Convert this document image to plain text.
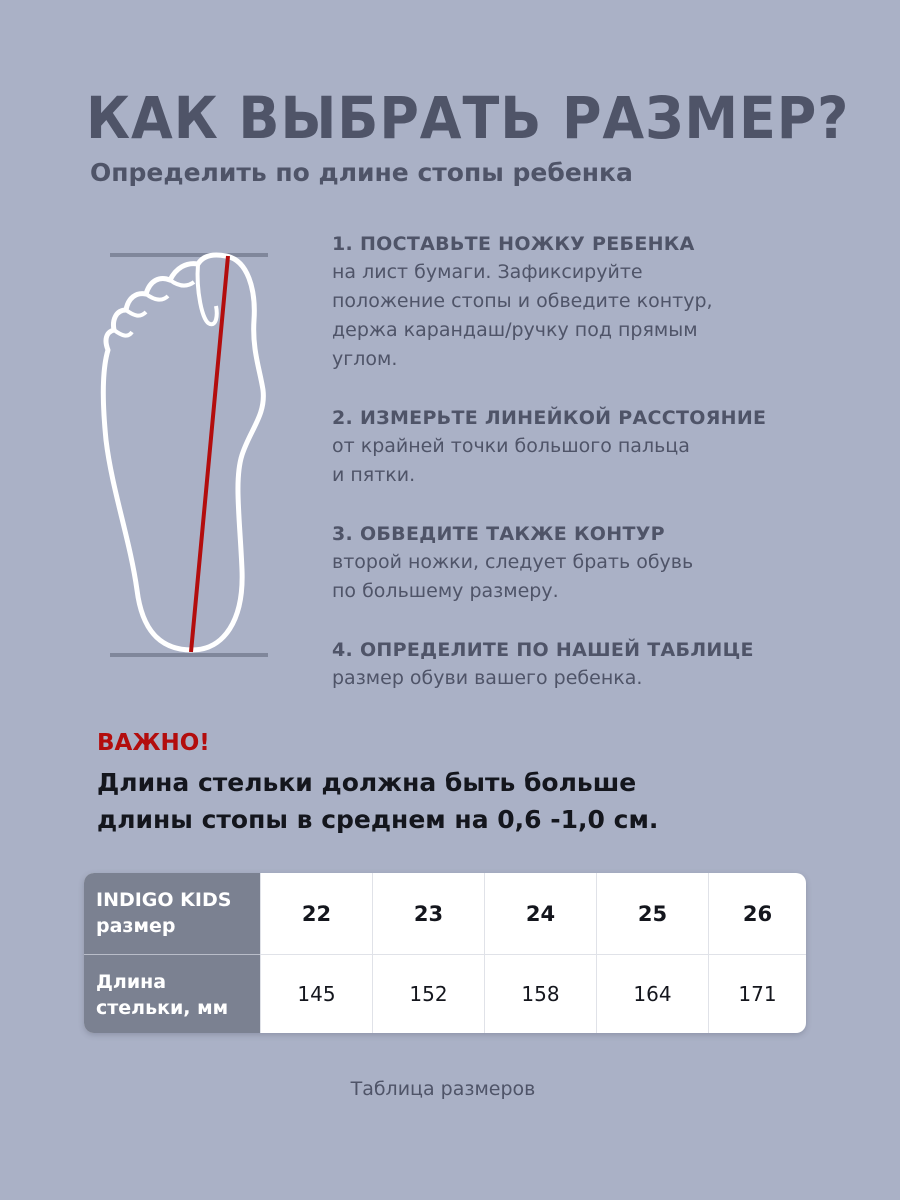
КАК ВЫБРАТЬ РАЗМЕР?
Определить по длине стопы ребенка
1. ПОСТАВЬТЕ НОЖКУ РЕБЕНКА
на лист бумаги. Зафиксируйте
положение стопы и обведите контур,
держа карандаш/ручку под прямым
углом.
2. ИЗМЕРЬТЕ ЛИНЕЙКОЙ РАССТОЯНИЕ
от крайней точки большого пальца
и пятки.
3. ОБВЕДИТЕ ТАКЖЕ КОНТУР
второй ножки, следует брать обувь
по большему размеру.
4. ОПРЕДЕЛИТЕ ПО НАШЕЙ ТАБЛИЦЕ
размер обуви вашего ребенка.
ВАЖНО!
Длина стельки должна быть больше
длины стопы в среднем на 0,6 -1,0 см.
INDIGO KIDS
размер
22	23	24	25	26
Длина
стельки, мм
145	152	158	164	171
Таблица размеров
